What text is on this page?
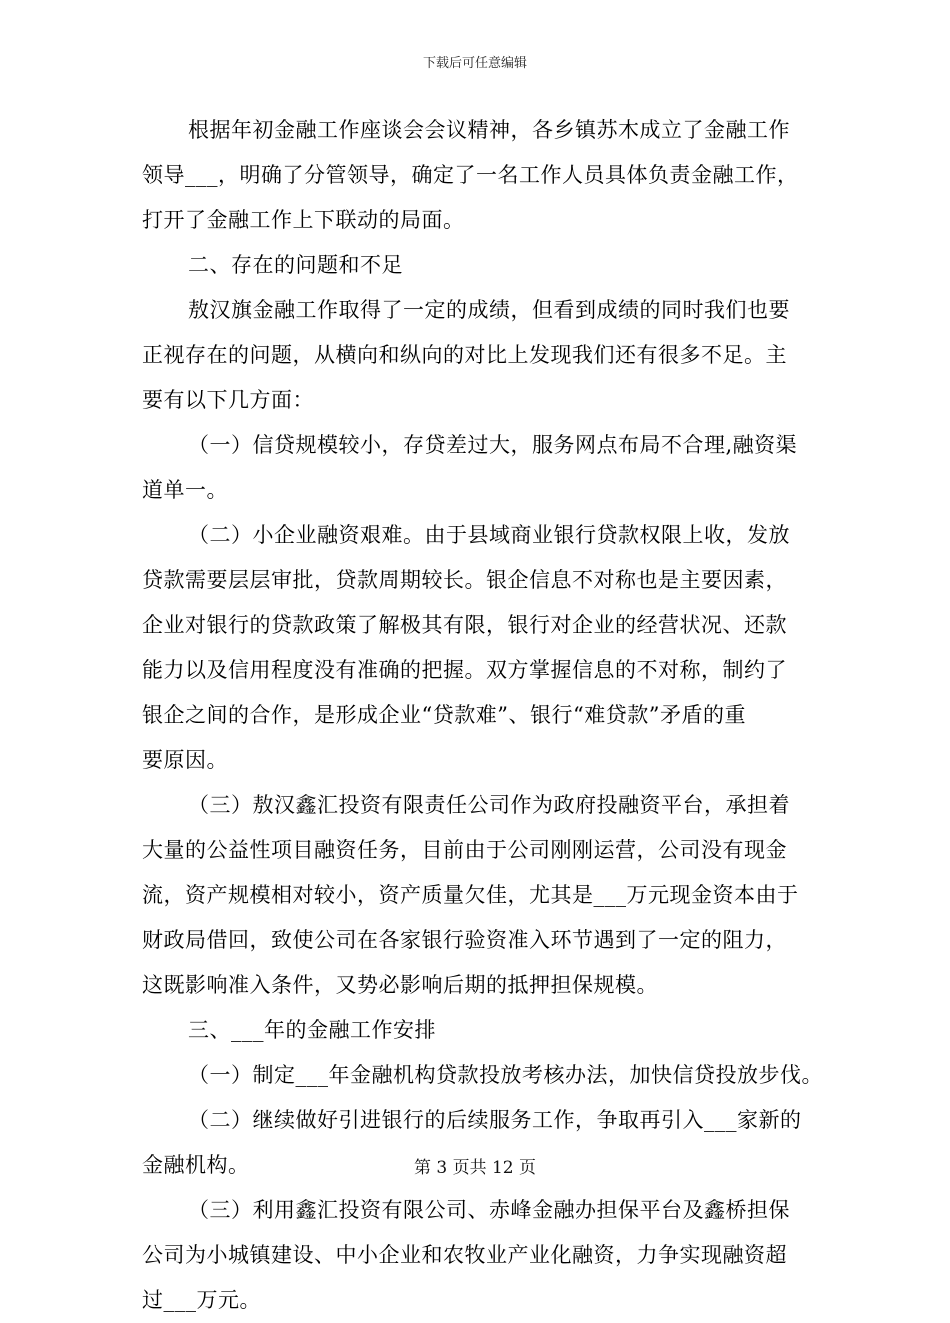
下载后可任意编辑
根据年初金融工作座谈会会议精神，各乡镇苏木成立了金融工作
领导___，明确了分管领导，确定了一名工作人员具体负责金融工作，
打开了金融工作上下联动的局面。
二、存在的问题和不足
敖汉旗金融工作取得了一定的成绩，但看到成绩的同时我们也要
正视存在的问题，从横向和纵向的对比上发现我们还有很多不足。主
要有以下几方面：
（一）信贷规模较小，存贷差过大，服务网点布局不合理,融资渠
道单一。
（二）小企业融资艰难。由于县域商业银行贷款权限上收，发放
贷款需要层层审批，贷款周期较长。银企信息不对称也是主要因素，
企业对银行的贷款政策了解极其有限，银行对企业的经营状况、还款
能力以及信用程度没有准确的把握。双方掌握信息的不对称，制约了
银企之间的合作，是形成企业“贷款难”、银行“难贷款”矛盾的重
要原因。
（三）敖汉鑫汇投资有限责任公司作为政府投融资平台，承担着
大量的公益性项目融资任务，目前由于公司刚刚运营，公司没有现金
流，资产规模相对较小，资产质量欠佳，尤其是___万元现金资本由于
财政局借回，致使公司在各家银行验资准入环节遇到了一定的阻力，
这既影响准入条件，又势必影响后期的抵押担保规模。
三、___年的金融工作安排
（一）制定___年金融机构贷款投放考核办法，加快信贷投放步伐。
（二）继续做好引进银行的后续服务工作，争取再引入___家新的
金融机构。
（三）利用鑫汇投资有限公司、赤峰金融办担保平台及鑫桥担保
公司为小城镇建设、中小企业和农牧业产业化融资，力争实现融资超
过___万元。
第 3 页共 12 页
